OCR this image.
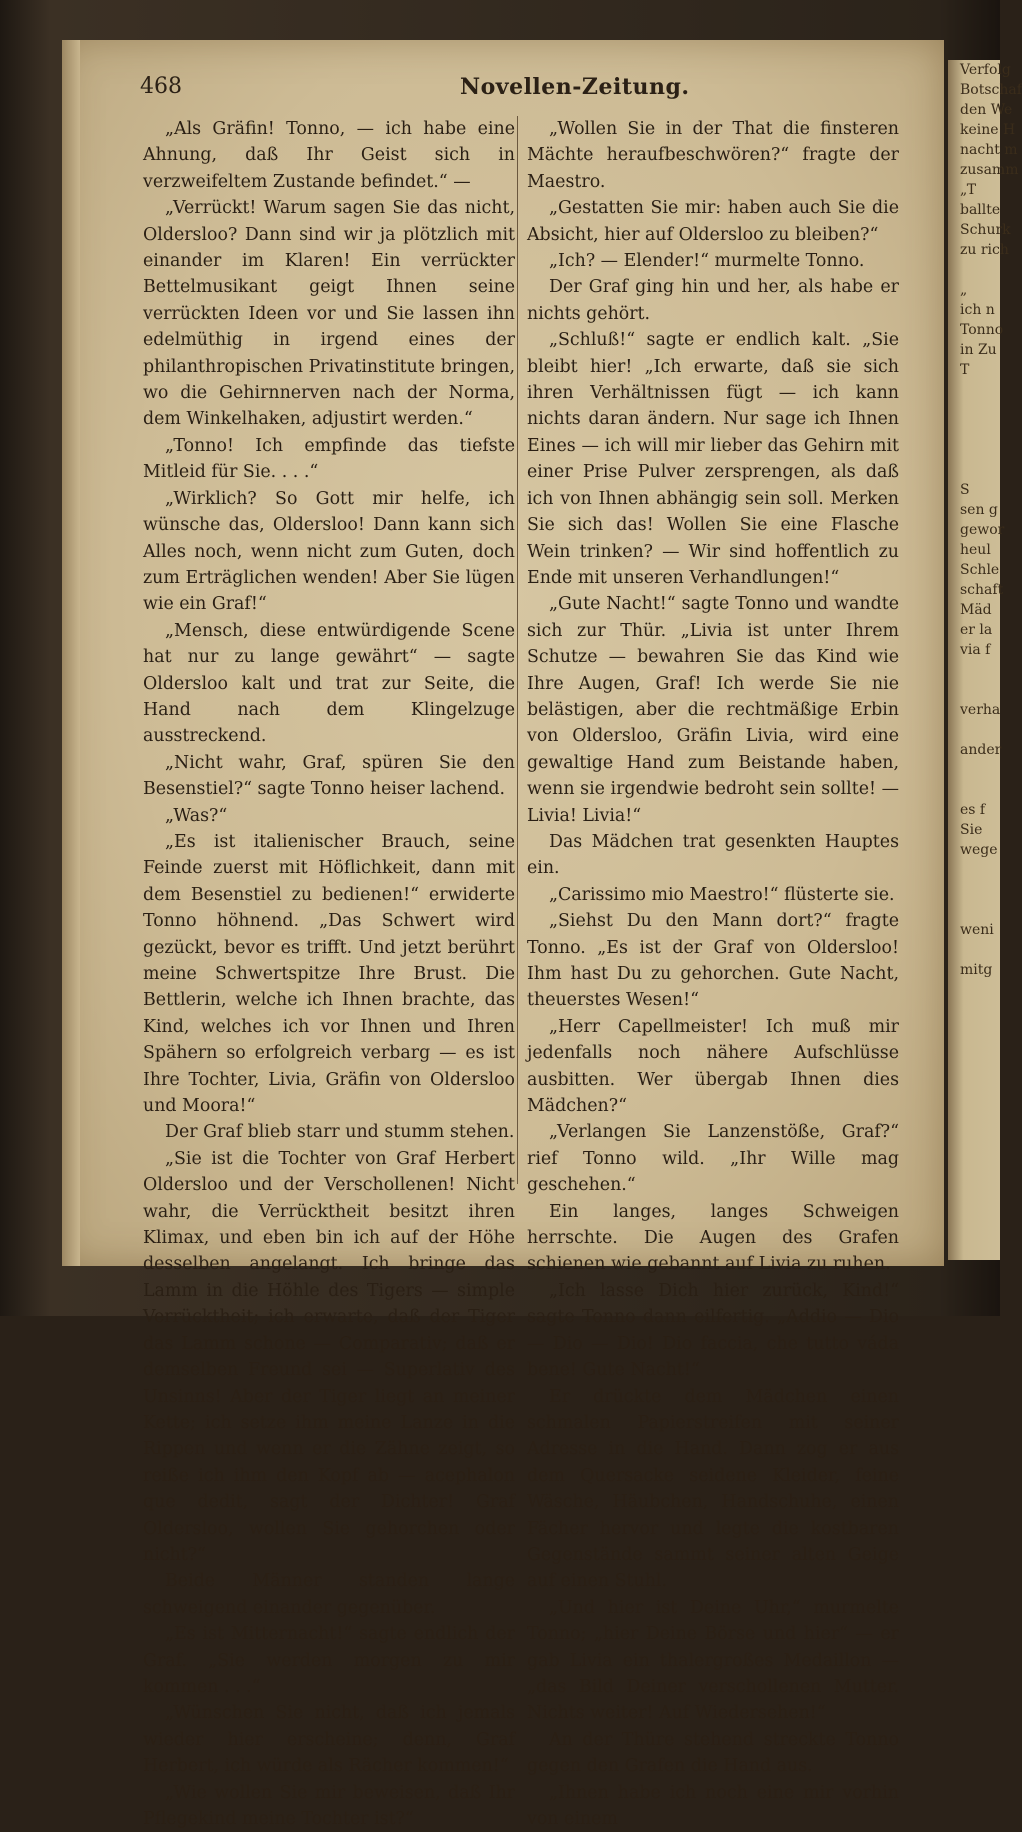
Verfolg
Botschaf
den We
keine H
nacht m
zusamm
„T
ballte
Schurk
zu rich

„
ich n
Tonno
in Zu
T

S
sen g
gewor
heul
Schle
schaft
Mäd
er la
via f

verha

ander

es f
Sie
wege

weni

mitg
468	Novellen-Zeitung.

„Als Gräfin! Tonno, — ich habe eine Ahnung, daß Ihr Geist sich in verzweifeltem Zustande befindet.“ —

„Verrückt! Warum sagen Sie das nicht, Oldersloo? Dann sind wir ja plötzlich mit einander im Klaren! Ein verrückter Bettelmusikant geigt Ihnen seine verrückten Ideen vor und Sie lassen ihn edelmüthig in irgend eines der philanthropischen Privatinstitute bringen, wo die Gehirnnerven nach der Norma, dem Winkelhaken, adjustirt werden.“

„Tonno! Ich empfinde das tiefste Mitleid für Sie. . . .“

„Wirklich? So Gott mir helfe, ich wünsche das, Oldersloo! Dann kann sich Alles noch, wenn nicht zum Guten, doch zum Erträglichen wenden! Aber Sie lügen wie ein Graf!“

„Mensch, diese entwürdigende Scene hat nur zu lange gewährt“ — sagte Oldersloo kalt und trat zur Seite, die Hand nach dem Klingelzuge ausstreckend.

„Nicht wahr, Graf, spüren Sie den Besenstiel?“ sagte Tonno heiser lachend.

„Was?“

„Es ist italienischer Brauch, seine Feinde zuerst mit Höflichkeit, dann mit dem Besenstiel zu bedienen!“ erwiderte Tonno höhnend. „Das Schwert wird gezückt, bevor es trifft. Und jetzt berührt meine Schwertspitze Ihre Brust. Die Bettlerin, welche ich Ihnen brachte, das Kind, welches ich vor Ihnen und Ihren Spähern so erfolgreich verbarg — es ist Ihre Tochter, Livia, Gräfin von Oldersloo und Moora!“

Der Graf blieb starr und stumm stehen.

„Sie ist die Tochter von Graf Herbert Oldersloo und der Verschollenen! Nicht wahr, die Verrücktheit besitzt ihren Klimax, und eben bin ich auf der Höhe desselben angelangt. Ich bringe das Lamm in die Höhle des Tigers — simple Verrücktheit; ich erwarte, daß der Tiger das Lamm schone — Comparativ; daß er demselben Freund sei — Superlativ des Unsinns! Aber der Tiger liegt an meiner Kette; ich setze ihm meine Lanze in die Rippen und wenn er die Zähne zeigt, so reiße ich ihm den Kopf ab — acephalon que dedit, sagt der Dichter! Graf Oldersloo, wollen Sie gehorchen oder nicht?“

Beide Männer standen lange schweigend einander gegenüber.

„Es ist Mitternacht!“ sagte endlich der Graf. „Sie werden morgen zu mir kommen . . .“

„Wünschen Sie nicht, daß ich jemals wieder hier erscheine; denn, Graf Herbert, ich würde als Rächer kommen!“

„Wie wollen Sie mir beweisen, daß Ihr Pflegekind meine Tochter ist?“

„Wollen Sie in der That die finsteren Mächte heraufbeschwören?“ fragte der Maestro.

„Gestatten Sie mir: haben auch Sie die Absicht, hier auf Oldersloo zu bleiben?“

„Ich? — Elender!“ murmelte Tonno.

Der Graf ging hin und her, als habe er nichts gehört.

„Schluß!“ sagte er endlich kalt. „Sie bleibt hier! „Ich erwarte, daß sie sich ihren Verhältnissen fügt — ich kann nichts daran ändern. Nur sage ich Ihnen Eines — ich will mir lieber das Gehirn mit einer Prise Pulver zersprengen, als daß ich von Ihnen abhängig sein soll. Merken Sie sich das! Wollen Sie eine Flasche Wein trinken? — Wir sind hoffentlich zu Ende mit unseren Verhandlungen!“

„Gute Nacht!“ sagte Tonno und wandte sich zur Thür. „Livia ist unter Ihrem Schutze — bewahren Sie das Kind wie Ihre Augen, Graf! Ich werde Sie nie belästigen, aber die rechtmäßige Erbin von Oldersloo, Gräfin Livia, wird eine gewaltige Hand zum Beistande haben, wenn sie irgendwie bedroht sein sollte! — Livia! Livia!“

Das Mädchen trat gesenkten Hauptes ein.

„Carissimo mio Maestro!“ flüsterte sie.

„Siehst Du den Mann dort?“ fragte Tonno. „Es ist der Graf von Oldersloo! Ihm hast Du zu gehorchen. Gute Nacht, theuerstes Wesen!“

„Herr Capellmeister! Ich muß mir jedenfalls noch nähere Aufschlüsse ausbitten. Wer übergab Ihnen dies Mädchen?“

„Verlangen Sie Lanzenstöße, Graf?“ rief Tonno wild. „Ihr Wille mag geschehen.“

Ein langes, langes Schweigen herrschte. Die Augen des Grafen schienen wie gebannt auf Livia zu ruhen.

„Ich lasse Dich hier zurück, Kind!“ sagte Tonno dann eilfertig. „Addio — Dio — Dio — Dio! Dio faccia, che tutto váda bene! Gute Nacht!“

Er drückte dem Mädchen einen schmalen Papierstreifen mit seiner Adresse in die Hand. Dann zog er aus dem Quersacke seidene Kleider, feine Wäsche, Häubchen, Handschuhe, einen Fächer hervor und legte die kostbaren Gegenstände sammt seiner alten Geige auf einen Stuhl.

„Und hier ist Deine Uhr,“ murmelte Tonno; „hier Deine Börse und hier“ — er gab Livia ein thalergroßes Medaillon — „das Bild Deiner verschollenen Mutter. Nichts weiter! Auf Wiedersehen!“

An der Thüre stehend streckte Tonno gegen den Grafen die Hand aus.

„Ihnen habe ich noch eine mir vorhin von einem
